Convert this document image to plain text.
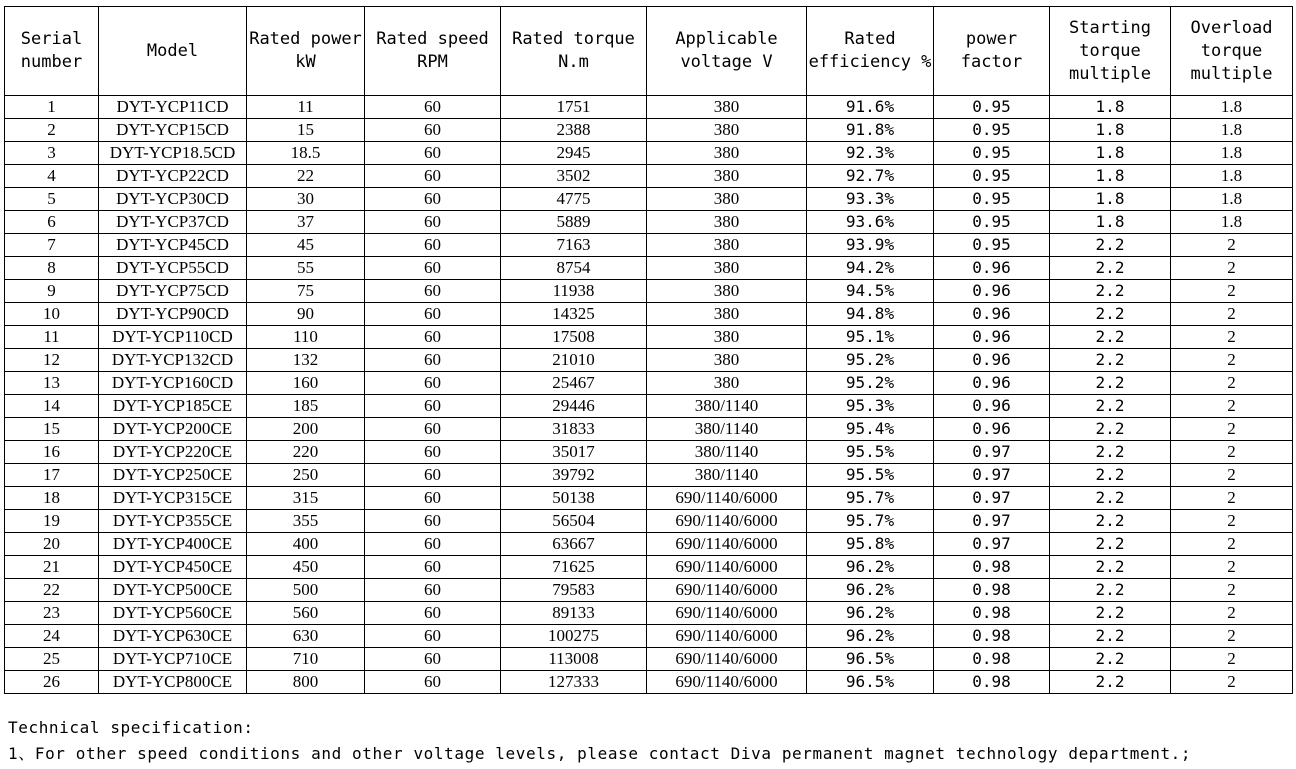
Serial number	Model	Rated power kW	Rated speed RPM	Rated torque N.m	Applicable voltage V	Rated efficiency %	power factor	Starting torque multiple	Overload torque multiple
1	DYT-YCP11CD	11	60	1751	380	91.6%	0.95	1.8	1.8
2	DYT-YCP15CD	15	60	2388	380	91.8%	0.95	1.8	1.8
3	DYT-YCP18.5CD	18.5	60	2945	380	92.3%	0.95	1.8	1.8
4	DYT-YCP22CD	22	60	3502	380	92.7%	0.95	1.8	1.8
5	DYT-YCP30CD	30	60	4775	380	93.3%	0.95	1.8	1.8
6	DYT-YCP37CD	37	60	5889	380	93.6%	0.95	1.8	1.8
7	DYT-YCP45CD	45	60	7163	380	93.9%	0.95	2.2	2
8	DYT-YCP55CD	55	60	8754	380	94.2%	0.96	2.2	2
9	DYT-YCP75CD	75	60	11938	380	94.5%	0.96	2.2	2
10	DYT-YCP90CD	90	60	14325	380	94.8%	0.96	2.2	2
11	DYT-YCP110CD	110	60	17508	380	95.1%	0.96	2.2	2
12	DYT-YCP132CD	132	60	21010	380	95.2%	0.96	2.2	2
13	DYT-YCP160CD	160	60	25467	380	95.2%	0.96	2.2	2
14	DYT-YCP185CE	185	60	29446	380/1140	95.3%	0.96	2.2	2
15	DYT-YCP200CE	200	60	31833	380/1140	95.4%	0.96	2.2	2
16	DYT-YCP220CE	220	60	35017	380/1140	95.5%	0.97	2.2	2
17	DYT-YCP250CE	250	60	39792	380/1140	95.5%	0.97	2.2	2
18	DYT-YCP315CE	315	60	50138	690/1140/6000	95.7%	0.97	2.2	2
19	DYT-YCP355CE	355	60	56504	690/1140/6000	95.7%	0.97	2.2	2
20	DYT-YCP400CE	400	60	63667	690/1140/6000	95.8%	0.97	2.2	2
21	DYT-YCP450CE	450	60	71625	690/1140/6000	96.2%	0.98	2.2	2
22	DYT-YCP500CE	500	60	79583	690/1140/6000	96.2%	0.98	2.2	2
23	DYT-YCP560CE	560	60	89133	690/1140/6000	96.2%	0.98	2.2	2
24	DYT-YCP630CE	630	60	100275	690/1140/6000	96.2%	0.98	2.2	2
25	DYT-YCP710CE	710	60	113008	690/1140/6000	96.5%	0.98	2.2	2
26	DYT-YCP800CE	800	60	127333	690/1140/6000	96.5%	0.98	2.2	2
Technical specification:
1、For other speed conditions and other voltage levels, please contact Diva permanent magnet technology department.;
